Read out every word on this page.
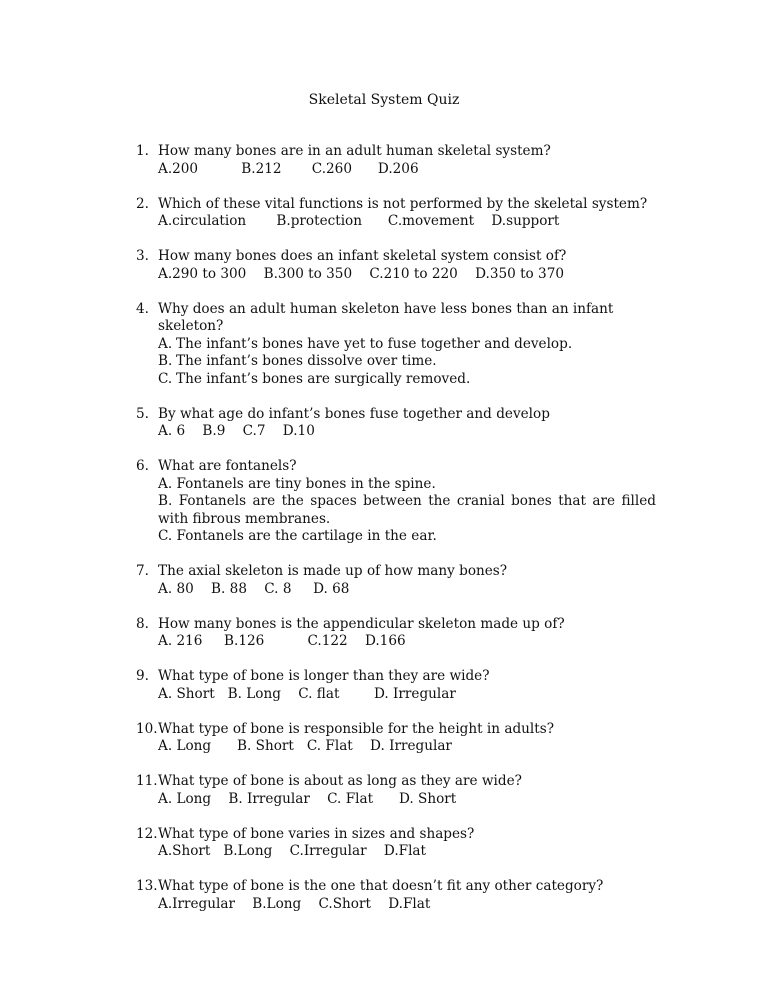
Skeletal System Quiz
1. How many bones are in an adult human skeletal system?
A.200          B.212       C.260      D.206
2. Which of these vital functions is not performed by the skeletal system?
A.circulation       B.protection      C.movement    D.support
3. How many bones does an infant skeletal system consist of?
A.290 to 300    B.300 to 350    C.210 to 220    D.350 to 370
4. Why does an adult human skeleton have less bones than an infant skeleton?
A. The infant’s bones have yet to fuse together and develop.
B. The infant’s bones dissolve over time.
C. The infant’s bones are surgically removed.
5. By what age do infant’s bones fuse together and develop
A. 6    B.9    C.7    D.10
6. What are fontanels?
A. Fontanels are tiny bones in the spine.
B. Fontanels are the spaces between the cranial bones that are filled with fibrous membranes.
C. Fontanels are the cartilage in the ear.
7. The axial skeleton is made up of how many bones?
A. 80    B. 88    C. 8     D. 68
8. How many bones is the appendicular skeleton made up of?
A. 216     B.126          C.122    D.166
9. What type of bone is longer than they are wide?
A. Short   B. Long    C. flat        D. Irregular
10. What type of bone is responsible for the height in adults?
A. Long      B. Short   C. Flat    D. Irregular
11. What type of bone is about as long as they are wide?
A. Long    B. Irregular    C. Flat      D. Short
12. What type of bone varies in sizes and shapes?
A.Short   B.Long    C.Irregular    D.Flat
13. What type of bone is the one that doesn’t fit any other category?
A.Irregular    B.Long    C.Short    D.Flat
